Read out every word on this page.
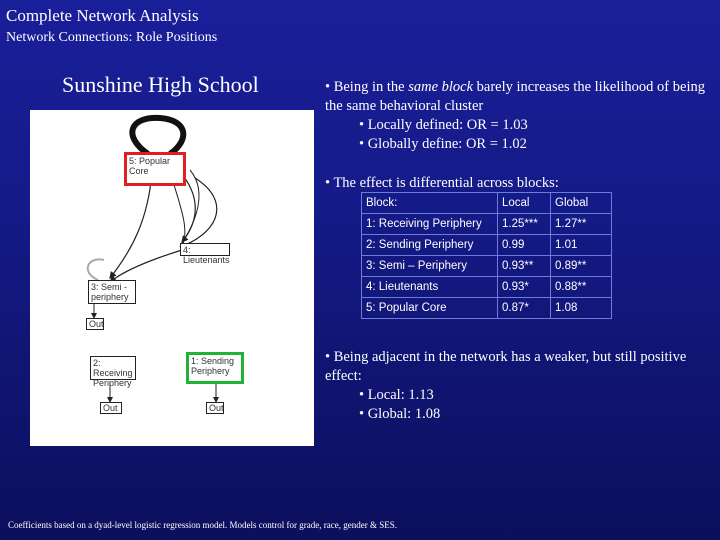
Complete Network Analysis
Network Connections: Role Positions
Sunshine High School
5: Popular Core
4: Lieutenants
3: Semi - periphery
Out
2: Receiving Periphery
1: Sending Periphery
Out	Out

• Being in the same block barely increases the likelihood of being the same behavioral cluster

• Locally defined: OR = 1.03

• Globally define: OR = 1.02

• The effect is differential across blocks:
Block:	Local	Global
1: Receiving Periphery	1.25***	1.27**
2: Sending Periphery	0.99	1.01
3: Semi – Periphery	0.93**	0.89**
4: Lieutenants	0.93*	0.88**
5: Popular Core	0.87*	1.08

• Being adjacent in the network has a weaker, but still positive effect:

• Local: 1.13

• Global: 1.08

Coefficients based on a dyad-level logistic regression model. Models control for grade, race, gender & SES.
